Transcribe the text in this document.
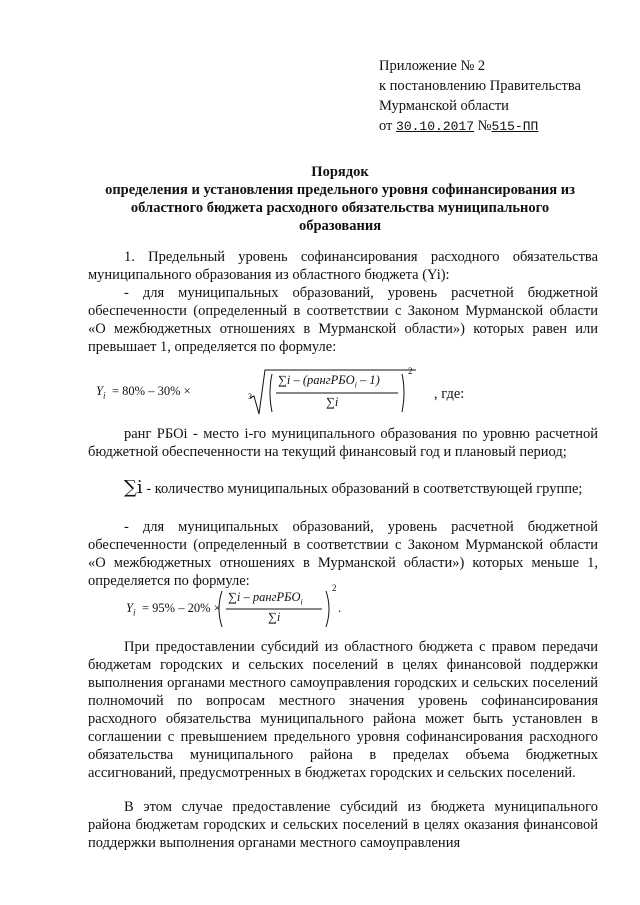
Приложение № 2
к постановлению Правительства
Мурманской области
от 30.10.2017 №515-ПП
Порядок
определения и установления предельного уровня софинансирования из
областного бюджета расходного обязательства муниципального
образования
1. Предельный уровень софинансирования расходного обязательства муниципального образования из областного бюджета (Yi):
- для муниципальных образований, уровень расчетной бюджетной обеспеченности (определенный в соответствии с Законом Мурманской области «О межбюджетных отношениях в Мурманской области») которых равен или превышает 1, определяется по формуле:
$Y_i = 80\% - 30\%$ ×	3
∑i – (рангРБО$_i$ – 1)
∑i
2
, где:
ранг РБОi - место i-го муниципального образования по уровню расчетной бюджетной обеспеченности на текущий финансовый год и плановый период;
∑i - количество муниципальных образований в соответствующей группе;
- для муниципальных образований, уровень расчетной бюджетной обеспеченности (определенный в соответствии с Законом Мурманской области «О межбюджетных отношениях в Мурманской области») которых меньше 1, определяется по формуле:
$Y_i = 95\% - 20\%$ ×
∑i – рангРБО$_i$
∑i
2
.
При предоставлении субсидий из областного бюджета с правом передачи бюджетам городских и сельских поселений в целях финансовой поддержки выполнения органами местного самоуправления городских и сельских поселений полномочий по вопросам местного значения уровень софинансирования расходного обязательства муниципального района может быть установлен в соглашении с превышением предельного уровня софинансирования расходного обязательства муниципального района в пределах объема бюджетных ассигнований, предусмотренных в бюджетах городских и сельских поселений.
В этом случае предоставление субсидий из бюджета муниципального района бюджетам городских и сельских поселений в целях оказания финансовой поддержки выполнения органами местного самоуправления
